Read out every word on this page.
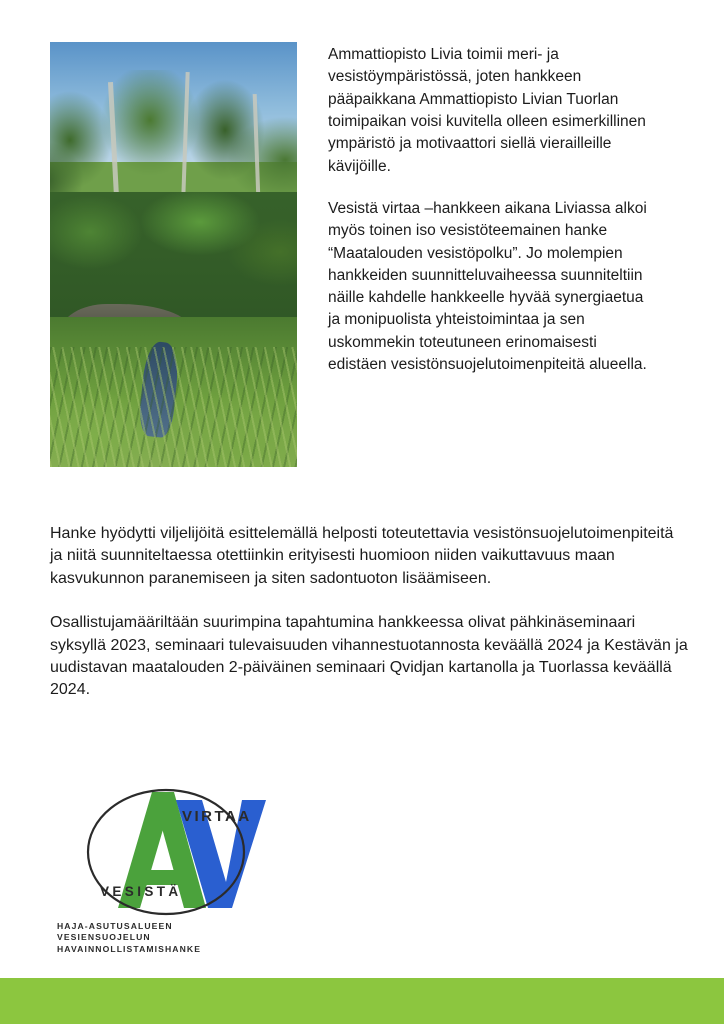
Ammattiopisto Livia toimii meri- ja vesistöympäristössä, joten hankkeen pääpaikkana Ammattiopisto Livian Tuorlan toimipaikan voisi kuvitella olleen esimerkillinen ympäristö ja motivaattori siellä vierailleille kävijöille.

Vesistä virtaa –hankkeen aikana Liviassa alkoi myös toinen iso vesistöteemainen hanke “Maatalouden vesistöpolku”. Jo molempien hankkeiden suunnitteluvaiheessa suunniteltiin näille kahdelle hankkeelle hyvää synergiaetua ja monipuolista yhteistoimintaa ja sen uskommekin toteutuneen erinomaisesti edistäen vesistönsuojelutoimenpiteitä alueella.

Hanke hyödytti viljelijöitä esittelemällä helposti toteutettavia vesistönsuojelutoimenpiteitä ja niitä suunniteltaessa otettiinkin erityisesti huomioon niiden vaikuttavuus maan kasvukunnon paranemiseen ja siten sadontuoton lisäämiseen.

Osallistujamääriltään suurimpina tapahtumina hankkeessa olivat pähkinäseminaari syksyllä 2023, seminaari tulevaisuuden vihannestuotannosta keväällä 2024 ja Kestävän ja uudistavan maatalouden 2-päiväinen seminaari Qvidjan kartanolla ja Tuorlassa keväällä 2024.

VIRTAA
VESISTÄ
HAJA-ASUTUSALUEEN
VESIENSUOJELUN
HAVAINNOLLISTAMISHANKE
